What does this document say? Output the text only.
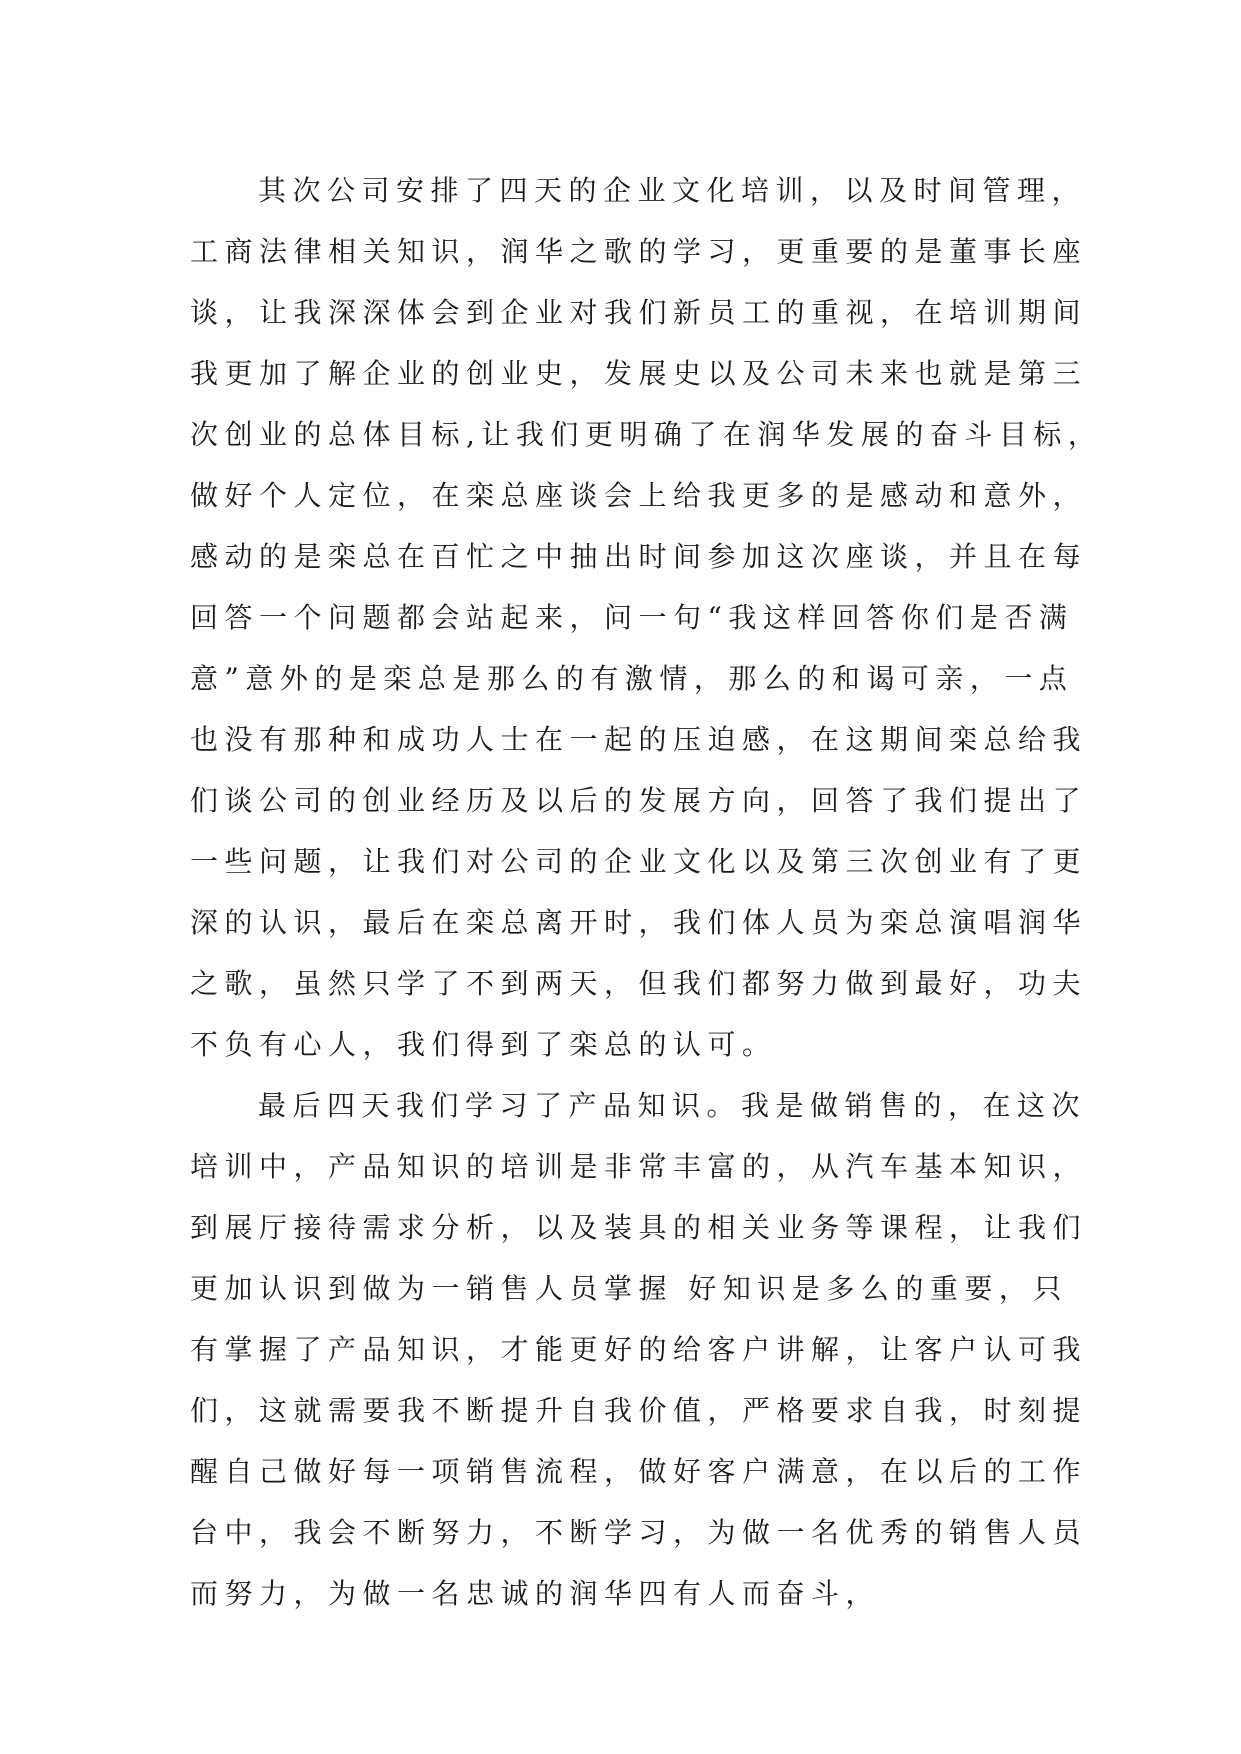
其次公司安排了四天的企业文化培训，以及时间管理，
工商法律相关知识，润华之歌的学习，更重要的是董事长座
谈，让我深深体会到企业对我们新员工的重视，在培训期间
我更加了解企业的创业史，发展史以及公司未来也就是第三
次创业的总体目标,让我们更明确了在润华发展的奋斗目标，
做好个人定位，在栾总座谈会上给我更多的是感动和意外，
感动的是栾总在百忙之中抽出时间参加这次座谈，并且在每
回答一个问题都会站起来，问一句“我这样回答你们是否满
意”意外的是栾总是那么的有激情，那么的和谒可亲，一点
也没有那种和成功人士在一起的压迫感，在这期间栾总给我
们谈公司的创业经历及以后的发展方向，回答了我们提出了
一些问题，让我们对公司的企业文化以及第三次创业有了更
深的认识，最后在栾总离开时，我们体人员为栾总演唱润华
之歌，虽然只学了不到两天，但我们都努力做到最好，功夫
不负有心人，我们得到了栾总的认可。
最后四天我们学习了产品知识。我是做销售的，在这次
培训中，产品知识的培训是非常丰富的，从汽车基本知识，
到展厅接待需求分析，以及装具的相关业务等课程，让我们
更加认识到做为一销售人员掌握 好知识是多么的重要，只
有掌握了产品知识，才能更好的给客户讲解，让客户认可我
们，这就需要我不断提升自我价值，严格要求自我，时刻提
醒自己做好每一项销售流程，做好客户满意，在以后的工作
台中，我会不断努力，不断学习，为做一名优秀的销售人员
而努力，为做一名忠诚的润华四有人而奋斗，
